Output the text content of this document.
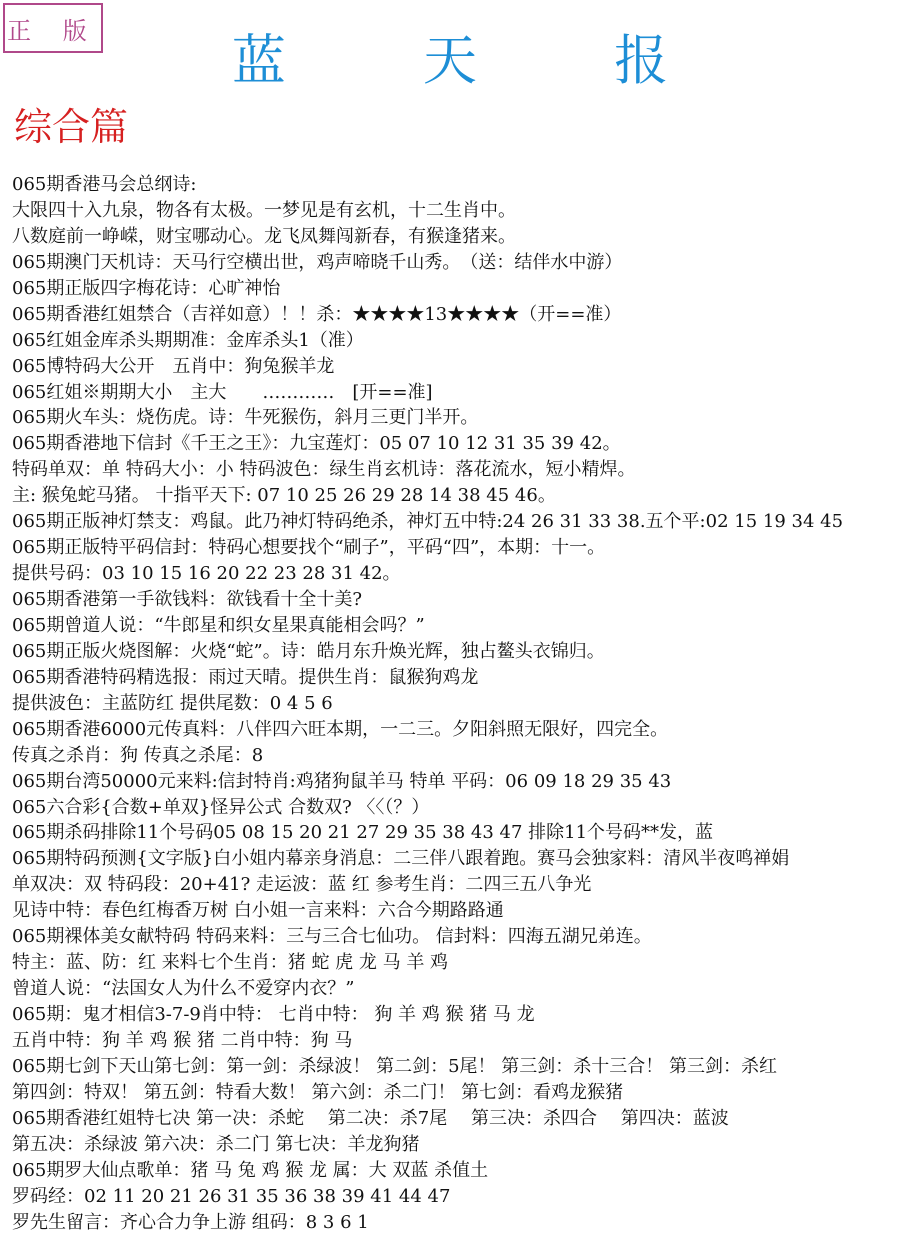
正 版	蓝 天 报
综合篇
065期香港马会总纲诗:
大限四十入九泉，物各有太极。一梦见是有玄机，十二生肖中。
八数庭前一峥嵘，财宝哪动心。龙飞凤舞闯新春，有猴逢猪来。
065期澳门天机诗：天马行空横出世，鸡声啼晓千山秀。　（送：结伴水中游）
065期正版四字梅花诗：心旷神怡
065期香港红姐禁合（吉祥如意）！！杀：★★★★13★★★★（开==准）
065红姐金库杀头期期准：金库杀头1（准）
065博特码大公开　五肖中：狗兔猴羊龙
065红姐※期期大小　主大　　…………　[开==准]
065期火车头：烧伤虎。诗：牛死猴伤，斜月三更门半开。
065期香港地下信封《千王之王》：九宝莲灯：05 07 10 12 31 35 39 42。
特码单双：单 特码大小：小 特码波色：绿生肖玄机诗：落花流水，短小精焊。
主: 猴兔蛇马猪。 十指平天下: 07 10 25 26 29 28 14 38 45 46。
065期正版神灯禁支：鸡鼠。此乃神灯特码绝杀，神灯五中特:24 26 31 33 38.五个平:02 15 19 34 45
065期正版特平码信封：特码心想要找个“刷子”，平码“四”，本期：十一。
提供号码：03 10 15 16 20 22 23 28 31 42。
065期香港第一手欲钱料：欲钱看十全十美?
065期曾道人说：“牛郎星和织女星果真能相会吗？”
065期正版火烧图解：火烧“蛇”。诗：皓月东升焕光辉，独占鳌头衣锦归。
065期香港特码精选报：雨过天晴。提供生肖：鼠猴狗鸡龙
提供波色：主蓝防红 提供尾数：0 4 5 6
065期香港6000元传真料：八伴四六旺本期，一二三。夕阳斜照无限好，四完全。
传真之杀肖：狗 传真之杀尾：8
065期台湾50000元来料:信封特肖:鸡猪狗鼠羊马 特单 平码：06 09 18 29 35 43
065六合彩{合数+单双}怪异公式 合数双? 〈〈（？）
065期杀码排除11个号码05 08 15 20 21 27 29 35 38 43 47 排除11个号码**发，蓝
065期特码预测{文字版}白小姐内幕亲身消息：二三伴八跟着跑。赛马会独家料：清风半夜鸣禅娟
单双决：双 特码段：20+41? 走运波：蓝 红 参考生肖：二四三五八争光
见诗中特：春色红梅香万树 白小姐一言来料：六合今期路路通
065期裸体美女献特码 特码来料：三与三合七仙功。 信封料：四海五湖兄弟连。
特主：蓝、防：红 来料七个生肖：猪 蛇 虎 龙 马 羊 鸡
曾道人说：“法国女人为什么不爱穿内衣？”
065期：鬼才相信3-7-9肖中特： 七肖中特： 狗 羊 鸡 猴 猪 马 龙
五肖中特：狗 羊 鸡 猴 猪 二肖中特：狗 马
065期七剑下天山第七剑：第一剑：杀绿波！ 第二剑：5尾！ 第三剑：杀十三合！ 第三剑：杀红
第四剑：特双！ 第五剑：特看大数！ 第六剑：杀二门！ 第七剑：看鸡龙猴猪
065期香港红姐特七决 第一决：杀蛇　 第二决：杀7尾　 第三决：杀四合　 第四决：蓝波
第五决：杀绿波 第六决：杀二门 第七决：羊龙狗猪
065期罗大仙点歌单：猪 马 兔 鸡 猴 龙 属：大 双蓝 杀值土
罗码经：02 11 20 21 26 31 35 36 38 39 41 44 47
罗先生留言：齐心合力争上游 组码：8 3 6 1
